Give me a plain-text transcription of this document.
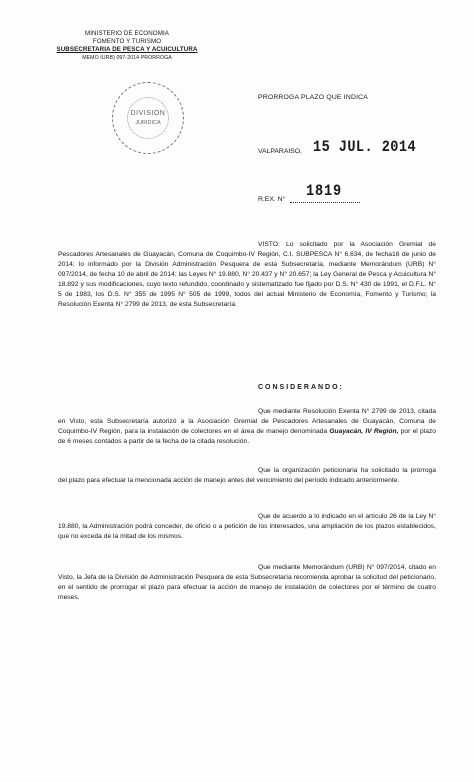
MINISTERIO DE ECONOMIA
FOMENTO Y TURISMO
SUBSECRETARIA DE PESCA Y ACUICULTURA
MEMO IURB) 097-2014 PRORROGA
DIVISION
JURIDICA
PRORROGA PLAZO QUE INDICA
15 JUL. 2014
VALPARAISO,
1819
R.EX. N°
VISTO: Lo solicitado por la Asociación Gremial de Pescadores Artesanales de Guayacán, Comuna de Coquimbo-IV Región, C.I. SUBPESCA N° 6.634, de fecha16 de junio de 2014; lo informado por la División Administración Pesquera de esta Subsecretaría, mediante Memorándum (URB) N° 097/2014, de fecha 10 de abril de 2014; las Leyes N° 19.880, N° 20.437 y N° 20.657; la Ley General de Pesca y Acuicultura N° 18.892 y sus modificaciones, cuyo texto refundido, coordinado y sistematizado fue fijado por D.S. N° 430 de 1991, el D.F.L. N° 5 de 1983, los D.S. N° 355 de 1995 N° 505 de 1999, todos del actual Ministerio de Economía, Fomento y Turismo; la Resolución Exenta N° 2799 de 2013, de esta Subsecretaría.
CONSIDERANDO:
Que mediante Resolución Exenta N° 2799 de 2013, citada en Visto, esta Subsecretaría autorizó a la Asociación Gremial de Pescadores Artesanales de Guayacán, Comuna de Coquimbo-IV Región, para la instalación de colectores en el área de manejo denominada Guayacán, IV Región, por el plazo de 6 meses contados a partir de la fecha de la citada resolución.
Que la organización peticionaria ha solicitado la prórroga del plazo para efectuar la mencionada acción de manejo antes del vencimiento del período indicado anteriormente.
Que de acuerdo a lo indicado en el artículo 26 de la Ley N° 19.880, la Administración podrá conceder, de oficio o a petición de los interesados, una ampliación de los plazos establecidos, que no exceda de la mitad de los mismos.
Que mediante Memorándum (URB) N° 097/2014, citado en Visto, la Jefa de la División de Administración Pesquera de esta Subsecretaría recomienda aprobar la solicitud del peticionario, en el sentido de prorrogar el plazo para efectuar la acción de manejo de instalación de colectores por el término de cuatro meses.
